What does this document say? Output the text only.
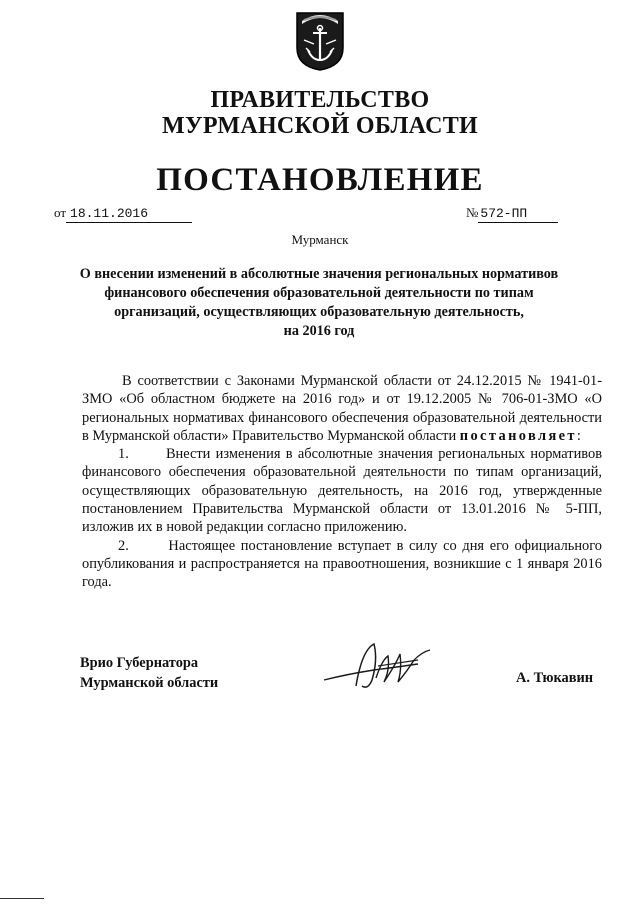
ПРАВИТЕЛЬСТВО
МУРМАНСКОЙ ОБЛАСТИ
ПОСТАНОВЛЕНИЕ
от 18.11.2016	№ 572-ПП
Мурманск
О внесении изменений в абсолютные значения региональных нормативов
финансового обеспечения образовательной деятельности по типам
организаций, осуществляющих образовательную деятельность,
на 2016 год

В соответствии с Законами Мурманской области от 24.12.2015 № 1941-01-ЗМО «Об областном бюджете на 2016 год» и от 19.12.2005 № 706-01-ЗМО «О региональных нормативах финансового обеспечения образовательной деятельности в Мурманской области» Правительство Мурманской области постановляет:

1.	Внести изменения в абсолютные значения региональных нормативов финансового обеспечения образовательной деятельности по типам организаций, осуществляющих образовательную деятельность, на 2016 год, утвержденные постановлением Правительства Мурманской области от 13.01.2016 № 5-ПП, изложив их в новой редакции согласно приложению.

2.	Настоящее постановление вступает в силу со дня его официального опубликования и распространяется на правоотношения, возникшие с 1 января 2016 года.

Врио Губернатора
Мурманской области	А. Тюкавин
